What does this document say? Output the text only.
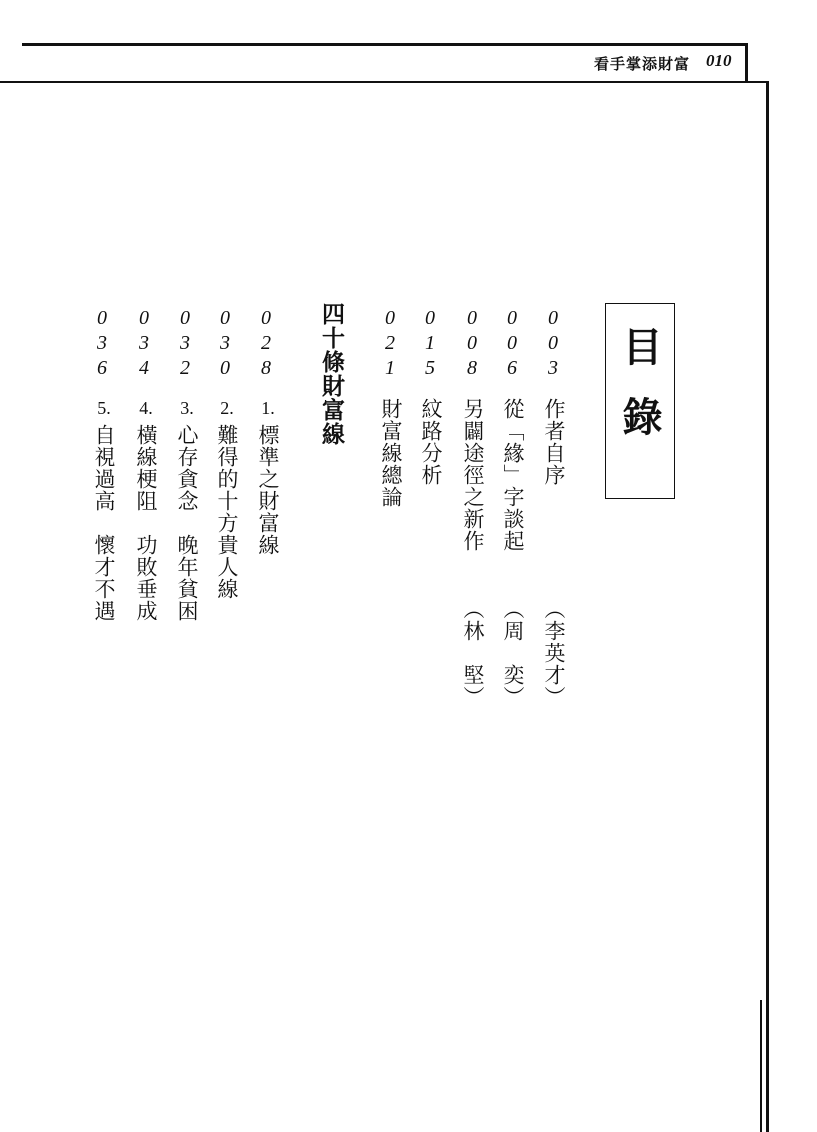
看手掌添財富 010
目錄
0
0
3
作者自序
（李英才）
0
0
6
從「緣」字談起
（周　奕）
0
0
8
另闢途徑之新作
（林　堅）
0
1
5
紋路分析
0
2
1
財富線總論
四十條財富線
0
2
8
1.
標準之財富線
0
3
0
2.
難得的十方貴人線
0
3
2
3.
心存貪念　晚年貧困
0
3
4
4.
橫線梗阻　功敗垂成
0
3
6
5.
自視過高　懷才不遇
